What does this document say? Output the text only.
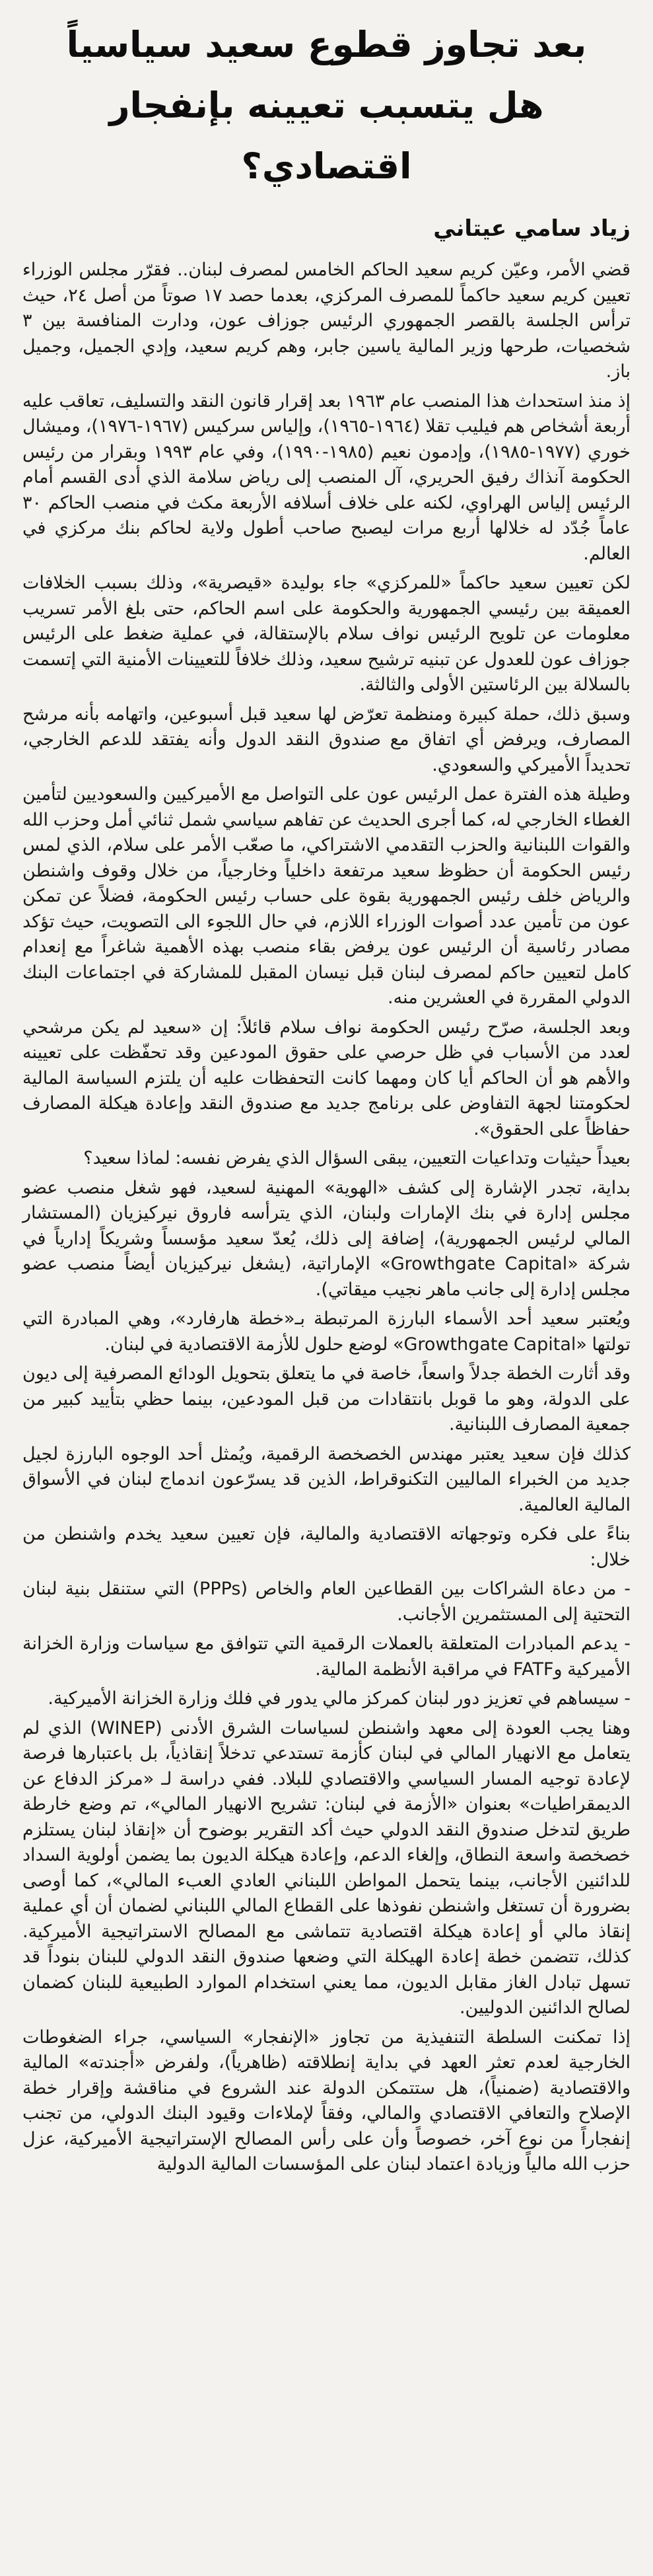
بعد تجاوز قطوع سعيد سياسياً
هل يتسبب تعيينه بإنفجار اقتصادي؟
زياد سامي عيتاني

قضي الأمر، وعيّن كريم سعيد الحاكم الخامس لمصرف لبنان.. فقرّر مجلس الوزراء تعيين كريم سعيد حاكماً للمصرف المركزي، بعدما حصد ١٧ صوتاً من أصل ٢٤، حيث ترأس الجلسة بالقصر الجمهوري الرئيس جوزاف عون، ودارت المنافسة بين ٣ شخصيات، طرحها وزير المالية ياسين جابر، وهم كريم سعيد، وإدي الجميل، وجميل باز.

إذ منذ استحداث هذا المنصب عام ١٩٦٣ بعد إقرار قانون النقد والتسليف، تعاقب عليه أربعة أشخاص هم فيليب تقلا (١٩٦٤-١٩٦٥)، وإلياس سركيس (١٩٦٧-١٩٧٦)، وميشال خوري (١٩٧٧-١٩٨٥)، وإدمون نعيم (١٩٨٥-١٩٩٠)، وفي عام ١٩٩٣ وبقرار من رئيس الحكومة آنذاك رفيق الحريري، آل المنصب إلى رياض سلامة الذي أدى القسم أمام الرئيس إلياس الهراوي، لكنه على خلاف أسلافه الأربعة مكث في منصب الحاكم ٣٠ عاماً جُدّد له خلالها أربع مرات ليصبح صاحب أطول ولاية لحاكم بنك مركزي في العالم.

لكن تعيين سعيد حاكماً «للمركزي» جاء بوليدة «قيصرية»، وذلك بسبب الخلافات العميقة بين رئيسي الجمهورية والحكومة على اسم الحاكم، حتى بلغ الأمر تسريب معلومات عن تلويح الرئيس نواف سلام بالإستقالة، في عملية ضغط على الرئيس جوزاف عون للعدول عن تبنيه ترشيح سعيد، وذلك خلافاً للتعيينات الأمنية التي إتسمت بالسلالة بين الرئاستين الأولى والثالثة.

وسبق ذلك، حملة كبيرة ومنظمة تعرّض لها سعيد قبل أسبوعين، واتهامه بأنه مرشح المصارف، ويرفض أي اتفاق مع صندوق النقد الدول وأنه يفتقد للدعم الخارجي، تحديداً الأميركي والسعودي.

وطيلة هذه الفترة عمل الرئيس عون على التواصل مع الأميركيين والسعوديين لتأمين الغطاء الخارجي له، كما أجرى الحديث عن تفاهم سياسي شمل ثنائي أمل وحزب الله والقوات اللبنانية والحزب التقدمي الاشتراكي، ما صعّب الأمر على سلام، الذي لمس رئيس الحكومة أن حظوظ سعيد مرتفعة داخلياً وخارجياً، من خلال وقوف واشنطن والرياض خلف رئيس الجمهورية بقوة على حساب رئيس الحكومة، فضلاً عن تمكن عون من تأمين عدد أصوات الوزراء اللازم، في حال اللجوء الى التصويت، حيث تؤكد مصادر رئاسية أن الرئيس عون يرفض بقاء منصب بهذه الأهمية شاغراً مع إنعدام كامل لتعيين حاكم لمصرف لبنان قبل نيسان المقبل للمشاركة في اجتماعات البنك الدولي المقررة في العشرين منه.

وبعد الجلسة، صرّح رئيس الحكومة نواف سلام قائلاً: إن «سعيد لم يكن مرشحي لعدد من الأسباب في ظل حرصي على حقوق المودعين وقد تحفّظت على تعيينه والأهم هو أن الحاكم أيا كان ومهما كانت التحفظات عليه أن يلتزم السياسة المالية لحكومتنا لجهة التفاوض على برنامج جديد مع صندوق النقد وإعادة هيكلة المصارف حفاظاً على الحقوق».

بعيداً حيثيات وتداعيات التعيين، يبقى السؤال الذي يفرض نفسه: لماذا سعيد؟

بداية، تجدر الإشارة إلى كشف «الهوية» المهنية لسعيد، فهو شغل منصب عضو مجلس إدارة في بنك الإمارات ولبنان، الذي يترأسه فاروق نيركيزيان (المستشار المالي لرئيس الجمهورية)، إضافة إلى ذلك، يُعدّ سعيد مؤسساً وشريكاً إدارياً في شركة «Growthgate Capital» الإماراتية، (يشغل نيركيزيان أيضاً منصب عضو مجلس إدارة إلى جانب ماهر نجيب ميقاتي).

ويُعتبر سعيد أحد الأسماء البارزة المرتبطة بـ«خطة هارفارد»، وهي المبادرة التي تولتها «Growthgate Capital» لوضع حلول للأزمة الاقتصادية في لبنان.

وقد أثارت الخطة جدلاً واسعاً، خاصة في ما يتعلق بتحويل الودائع المصرفية إلى ديون على الدولة، وهو ما قوبل بانتقادات من قبل المودعين، بينما حظي بتأييد كبير من جمعية المصارف اللبنانية.

كذلك فإن سعيد يعتبر مهندس الخصخصة الرقمية، ويُمثل أحد الوجوه البارزة لجيل جديد من الخبراء الماليين التكنوقراط، الذين قد يسرّعون اندماج لبنان في الأسواق المالية العالمية.

بناءً على فكره وتوجهاته الاقتصادية والمالية، فإن تعيين سعيد يخدم واشنطن من خلال:

- من دعاة الشراكات بين القطاعين العام والخاص (PPPs) التي ستنقل بنية لبنان التحتية إلى المستثمرين الأجانب.

- يدعم المبادرات المتعلقة بالعملات الرقمية التي تتوافق مع سياسات وزارة الخزانة الأميركية وFATF في مراقبة الأنظمة المالية.

- سيساهم في تعزيز دور لبنان كمركز مالي يدور في فلك وزارة الخزانة الأميركية.

وهنا يجب العودة إلى معهد واشنطن لسياسات الشرق الأدنى (WINEP) الذي لم يتعامل مع الانهيار المالي في لبنان كأزمة تستدعي تدخلاً إنقاذياً، بل باعتبارها فرصة لإعادة توجيه المسار السياسي والاقتصادي للبلاد. ففي دراسة لـ «مركز الدفاع عن الديمقراطيات» بعنوان «الأزمة في لبنان: تشريح الانهيار المالي»، تم وضع خارطة طريق لتدخل صندوق النقد الدولي حيث أكد التقرير بوضوح أن «إنقاذ لبنان يستلزم خصخصة واسعة النطاق، وإلغاء الدعم، وإعادة هيكلة الديون بما يضمن أولوية السداد للدائنين الأجانب، بينما يتحمل المواطن اللبناني العادي العبء المالي»، كما أوصى بضرورة أن تستغل واشنطن نفوذها على القطاع المالي اللبناني لضمان أن أي عملية إنقاذ مالي أو إعادة هيكلة اقتصادية تتماشى مع المصالح الاستراتيجية الأميركية. كذلك، تتضمن خطة إعادة الهيكلة التي وضعها صندوق النقد الدولي للبنان بنوداً قد تسهل تبادل الغاز مقابل الديون، مما يعني استخدام الموارد الطبيعية للبنان كضمان لصالح الدائنين الدوليين.

إذا تمكنت السلطة التنفيذية من تجاوز «الإنفجار» السياسي، جراء الضغوطات الخارجية لعدم تعثر العهد في بداية إنطلاقته (ظاهرياً)، ولفرض «أجندته» المالية والاقتصادية (ضمنياً)، هل ستتمكن الدولة عند الشروع في مناقشة وإقرار خطة الإصلاح والتعافي الاقتصادي والمالي، وفقاً لإملاءات وقيود البنك الدولي، من تجنب إنفجاراً من نوع آخر، خصوصاً وأن على رأس المصالح الإستراتيجية الأميركية، عزل حزب الله مالياً وزيادة اعتماد لبنان على المؤسسات المالية الدولية
